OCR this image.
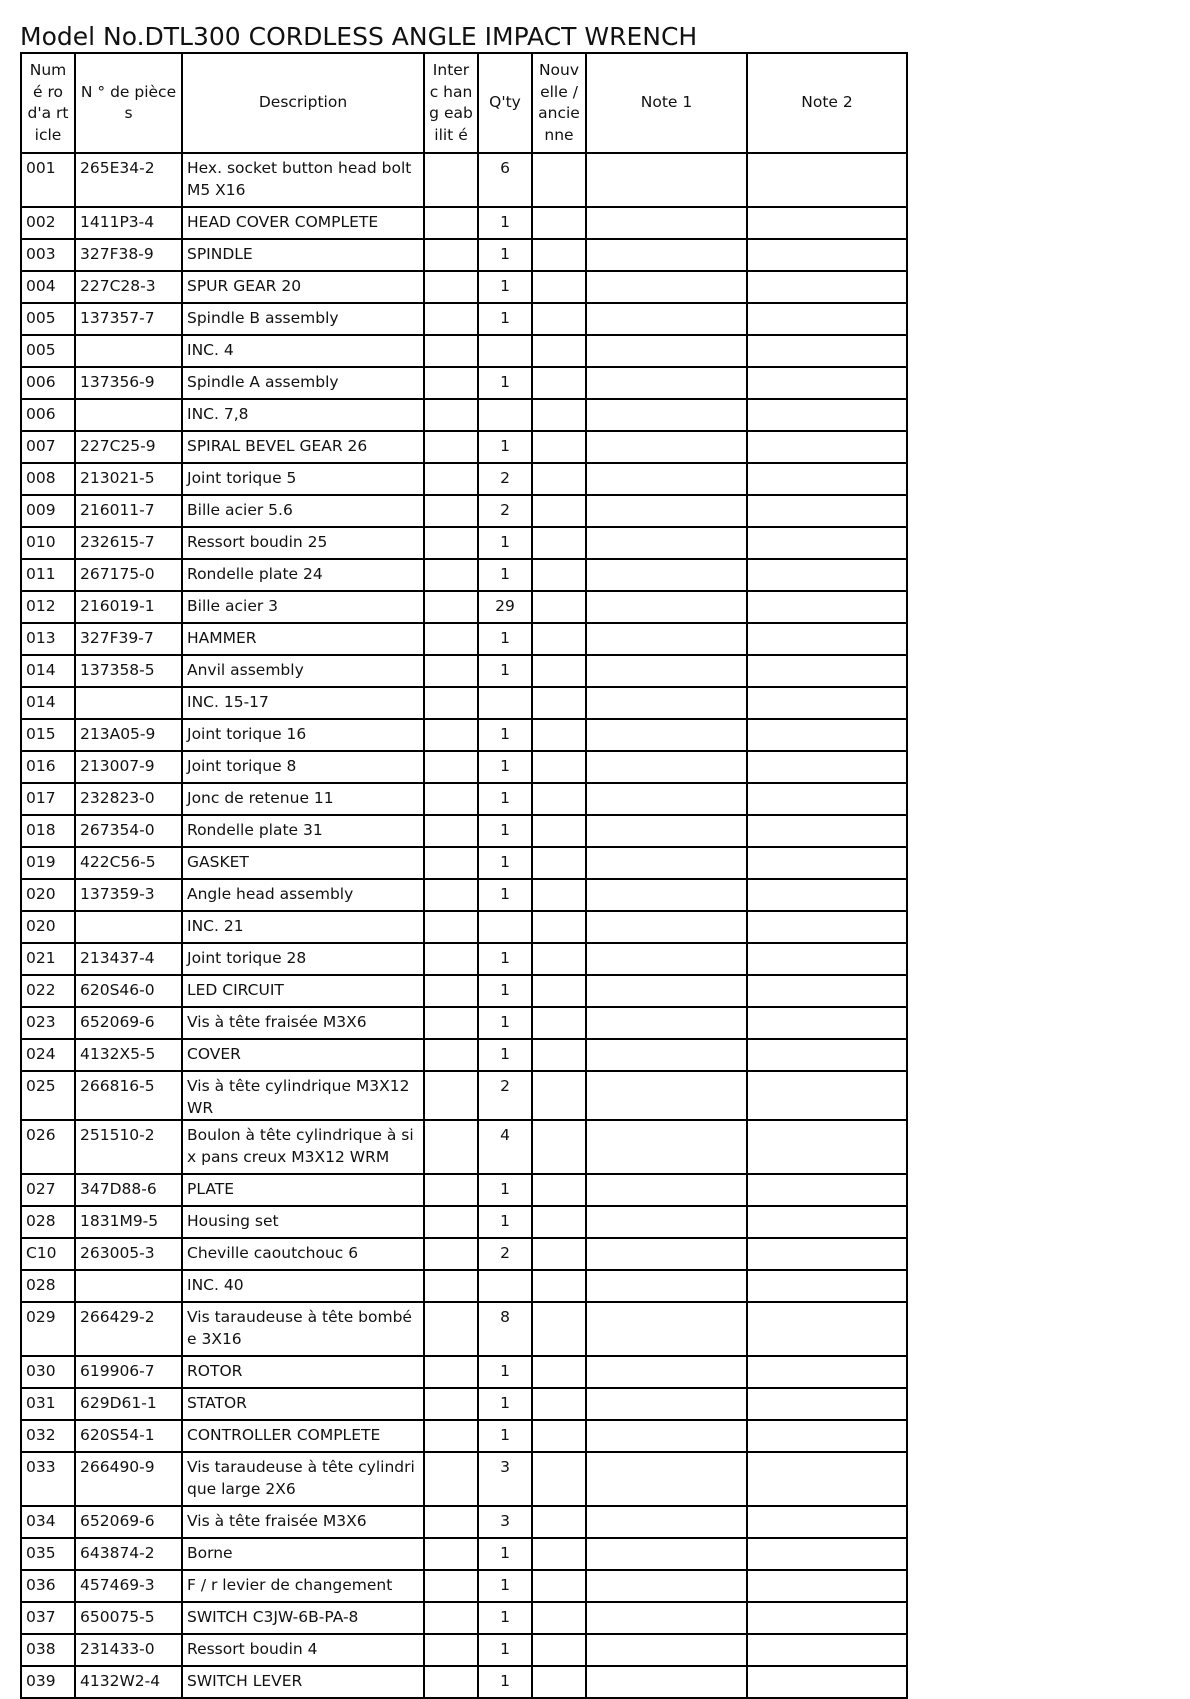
Model No.DTL300 CORDLESS ANGLE IMPACT WRENCH
Numé ro d'a rticle	N ° de pièces	Description	Interc hang eabilit é	Q'ty	Nouv elle / ancie nne	Note 1	Note 2
001	265E34-2	Hex. socket button head bolt M5 X16		6			
002	1411P3-4	HEAD COVER COMPLETE		1			
003	327F38-9	SPINDLE		1			
004	227C28-3	SPUR GEAR 20		1			
005	137357-7	Spindle B assembly		1			
005		INC. 4					
006	137356-9	Spindle A assembly		1			
006		INC. 7,8					
007	227C25-9	SPIRAL BEVEL GEAR 26		1			
008	213021-5	Joint torique 5		2			
009	216011-7	Bille acier 5.6		2			
010	232615-7	Ressort boudin 25		1			
011	267175-0	Rondelle plate 24		1			
012	216019-1	Bille acier 3		29			
013	327F39-7	HAMMER		1			
014	137358-5	Anvil assembly		1			
014		INC. 15-17					
015	213A05-9	Joint torique 16		1			
016	213007-9	Joint torique 8		1			
017	232823-0	Jonc de retenue 11		1			
018	267354-0	Rondelle plate 31		1			
019	422C56-5	GASKET		1			
020	137359-3	Angle head assembly		1			
020		INC. 21					
021	213437-4	Joint torique 28		1			
022	620S46-0	LED CIRCUIT		1			
023	652069-6	Vis à tête fraisée M3X6		1			
024	4132X5-5	COVER		1			
025	266816-5	Vis à tête cylindrique M3X12 WR		2			
026	251510-2	Boulon à tête cylindrique à six pans creux M3X12 WRM		4			
027	347D88-6	PLATE		1			
028	1831M9-5	Housing set		1			
C10	263005-3	Cheville caoutchouc 6		2			
028		INC. 40					
029	266429-2	Vis taraudeuse à tête bombée 3X16		8			
030	619906-7	ROTOR		1			
031	629D61-1	STATOR		1			
032	620S54-1	CONTROLLER COMPLETE		1			
033	266490-9	Vis taraudeuse à tête cylindrique large 2X6		3			
034	652069-6	Vis à tête fraisée M3X6		3			
035	643874-2	Borne		1			
036	457469-3	F / r levier de changement		1			
037	650075-5	SWITCH C3JW-6B-PA-8		1			
038	231433-0	Ressort boudin 4		1			
039	4132W2-4	SWITCH LEVER		1			
